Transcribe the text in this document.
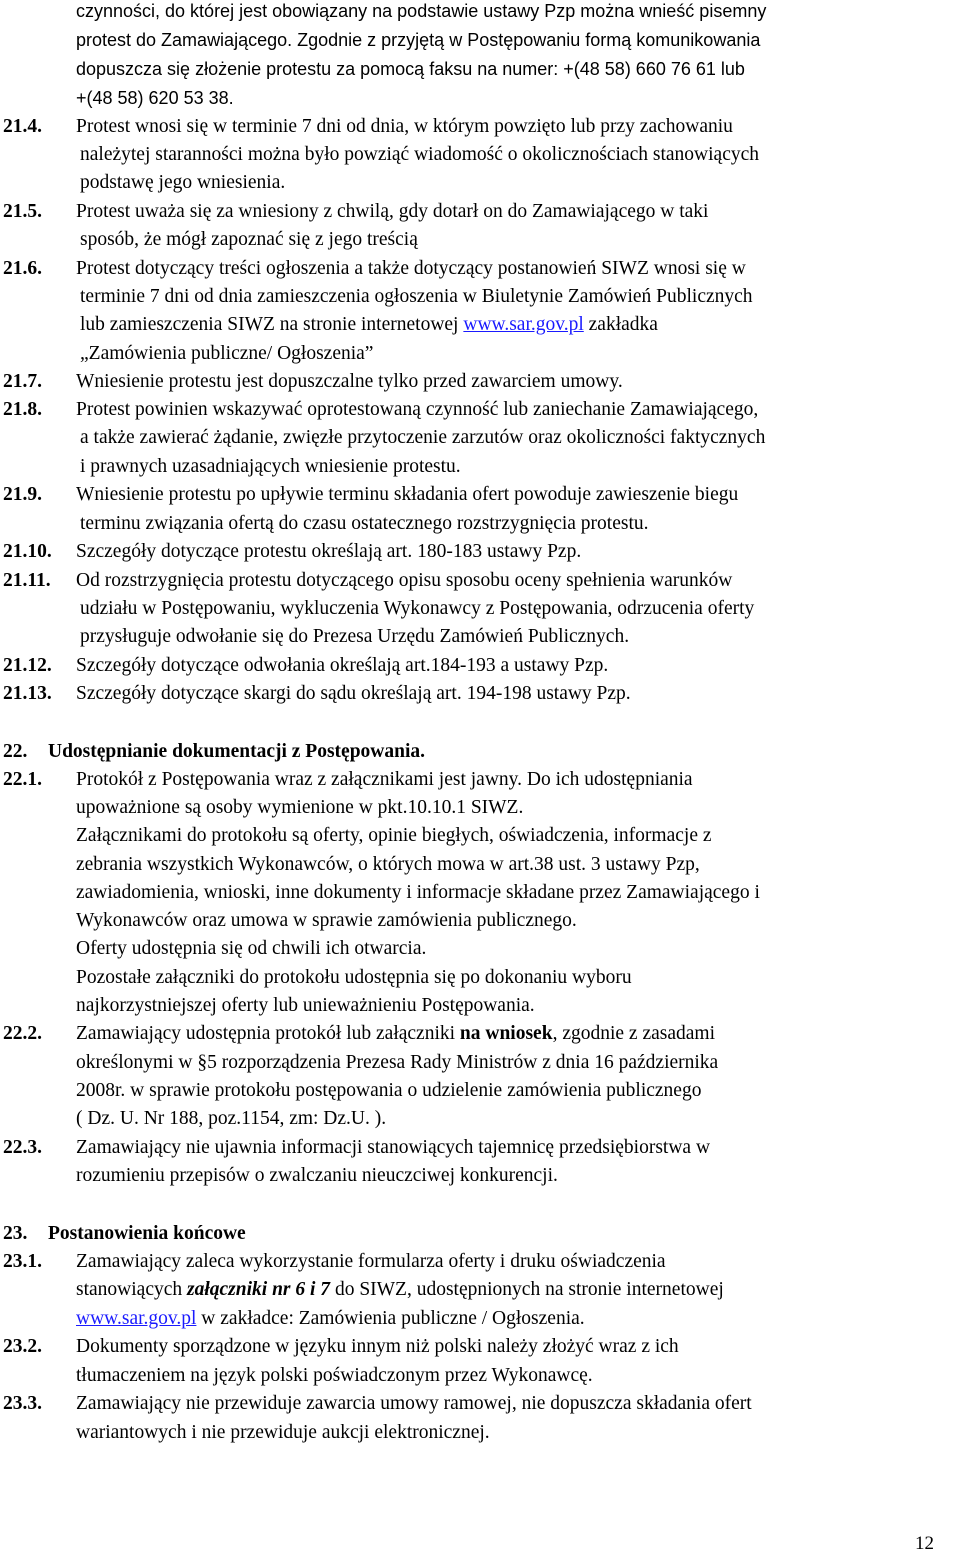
12
czynności, do której jest obowiązany na podstawie ustawy Pzp można wnieść pisemny
protest do Zamawiającego. Zgodnie z przyjętą w Postępowaniu formą komunikowania
dopuszcza się złożenie protestu za pomocą faksu na numer: +(48 58) 660 76 61 lub
+(48 58) 620 53 38.
21.4. Protest wnosi się w terminie 7 dni od dnia, w którym powzięto lub przy zachowaniu
należytej staranności można było powziąć wiadomość o okolicznościach stanowiących
podstawę jego wniesienia.
21.5. Protest uważa się za wniesiony z chwilą, gdy dotarł on do Zamawiającego w taki
sposób, że mógł zapoznać się z jego treścią
21.6. Protest dotyczący treści ogłoszenia a także dotyczący postanowień SIWZ wnosi się w
terminie 7 dni od dnia zamieszczenia ogłoszenia w Biuletynie Zamówień Publicznych
lub zamieszczenia SIWZ na stronie internetowej www.sar.gov.pl zakładka
„Zamówienia publiczne/ Ogłoszenia”
21.7. Wniesienie protestu jest dopuszczalne tylko przed zawarciem umowy.
21.8. Protest powinien wskazywać oprotestowaną czynność lub zaniechanie Zamawiającego,
a także zawierać żądanie, zwięzłe przytoczenie zarzutów oraz okoliczności faktycznych
i prawnych uzasadniających wniesienie protestu.
21.9. Wniesienie protestu po upływie terminu składania ofert powoduje zawieszenie biegu
terminu związania ofertą do czasu ostatecznego rozstrzygnięcia protestu.
21.10. Szczegóły dotyczące protestu określają art. 180-183 ustawy Pzp.
21.11. Od rozstrzygnięcia protestu dotyczącego opisu sposobu oceny spełnienia warunków
udziału w Postępowaniu, wykluczenia Wykonawcy z Postępowania, odrzucenia oferty
przysługuje odwołanie się do Prezesa Urzędu Zamówień Publicznych.
21.12. Szczegóły dotyczące odwołania określają art.184-193 a ustawy Pzp.
21.13. Szczegóły dotyczące skargi do sądu określają art. 194-198 ustawy Pzp.
22. Udostępnianie dokumentacji z Postępowania.
22.1. Protokół z Postępowania wraz z załącznikami jest jawny. Do ich udostępniania
upoważnione są osoby wymienione w pkt.10.10.1 SIWZ.
Załącznikami do protokołu są oferty, opinie biegłych, oświadczenia, informacje z
zebrania wszystkich Wykonawców, o których mowa w art.38 ust. 3 ustawy Pzp,
zawiadomienia, wnioski, inne dokumenty i informacje składane przez Zamawiającego i
Wykonawców oraz umowa w sprawie zamówienia publicznego.
Oferty udostępnia się od chwili ich otwarcia.
Pozostałe załączniki do protokołu udostępnia się po dokonaniu wyboru
najkorzystniejszej oferty lub unieważnieniu Postępowania.
22.2. Zamawiający udostępnia protokół lub załączniki na wniosek, zgodnie z zasadami
określonymi w §5 rozporządzenia Prezesa Rady Ministrów z dnia 16 października
2008r. w sprawie protokołu postępowania o udzielenie zamówienia publicznego
( Dz. U. Nr 188, poz.1154, zm: Dz.U. ).
22.3. Zamawiający nie ujawnia informacji stanowiących tajemnicę przedsiębiorstwa w
rozumieniu przepisów o zwalczaniu nieuczciwej konkurencji.
23. Postanowienia końcowe
23.1. Zamawiający zaleca wykorzystanie formularza oferty i druku oświadczenia
stanowiących załączniki nr 6 i 7 do SIWZ, udostępnionych na stronie internetowej
www.sar.gov.pl w zakładce: Zamówienia publiczne / Ogłoszenia.
23.2. Dokumenty sporządzone w języku innym niż polski należy złożyć wraz z ich
tłumaczeniem na język polski poświadczonym przez Wykonawcę.
23.3. Zamawiający nie przewiduje zawarcia umowy ramowej, nie dopuszcza składania ofert
wariantowych i nie przewiduje aukcji elektronicznej.
